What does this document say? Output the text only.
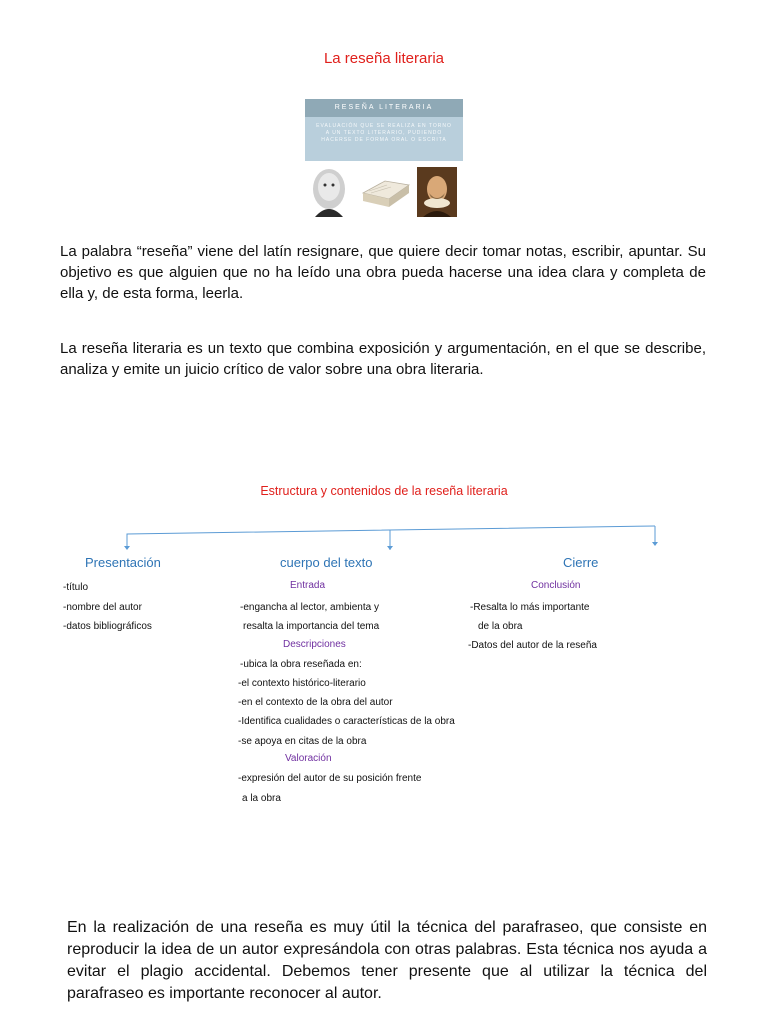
La reseña literaria
RESEÑA LITERARIA
EVALUACIÓN QUE SE REALIZA EN TORNO A UN TEXTO LITERARIO, PUDIENDO HACERSE DE FORMA ORAL O ESCRITA
La palabra “reseña” viene del latín resignare, que quiere decir tomar notas, escribir, apuntar. Su objetivo es que alguien que no ha leído una obra pueda hacerse una idea clara y completa de ella y, de esta forma, leerla.
La reseña literaria es un texto que combina exposición y argumentación, en el que se describe, analiza y emite un juicio crítico de valor sobre una obra literaria.
Estructura y contenidos de la reseña literaria
Presentación
-título
-nombre del autor
-datos bibliográficos
cuerpo del texto
Entrada
-engancha al lector, ambienta y
resalta la importancia del tema
Descripciones
-ubica la obra reseñada en:
-el contexto histórico-literario
-en el contexto de la obra del autor
-Identifica cualidades o características de la obra
-se apoya en citas de la obra
Valoración
-expresión del autor de su posición frente
a la obra
Cierre
Conclusión
-Resalta lo más importante
de la obra
-Datos del autor de la reseña
En la realización de una reseña es muy útil la técnica del parafraseo, que consiste en reproducir la idea de un autor expresándola con otras palabras. Esta técnica nos ayuda a evitar el plagio accidental. Debemos tener presente que al utilizar la técnica del parafraseo es importante reconocer al autor.
